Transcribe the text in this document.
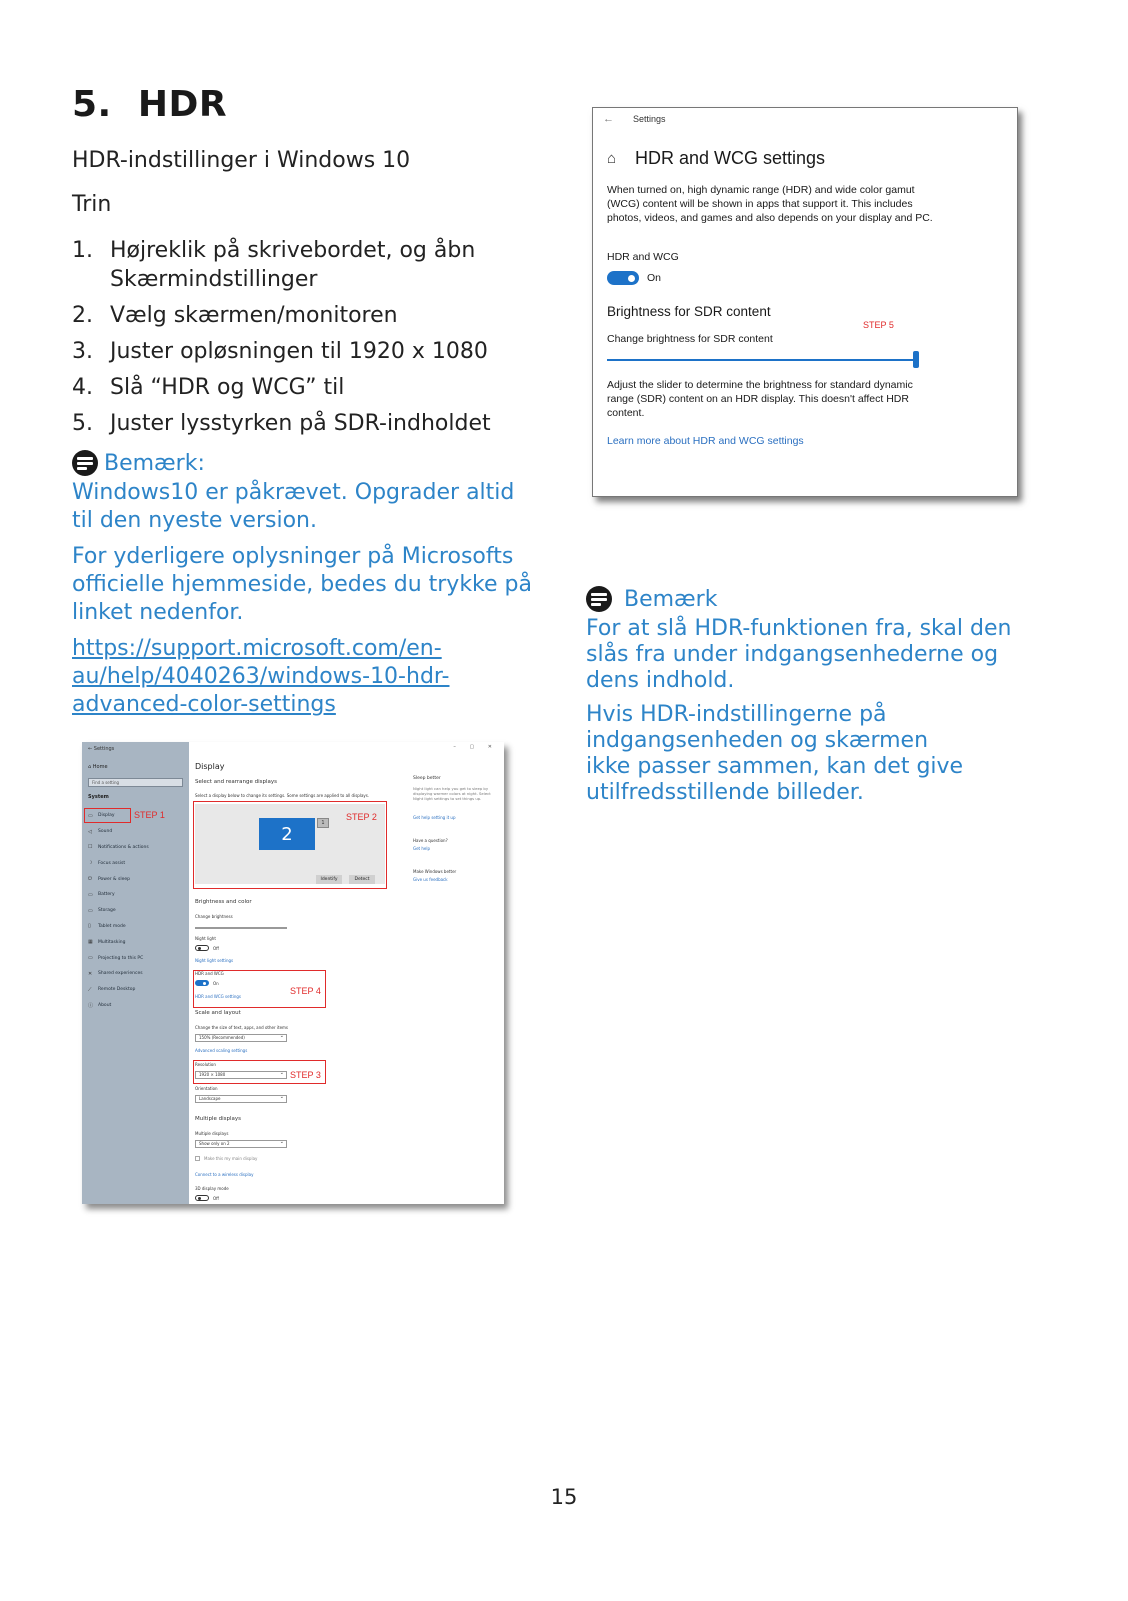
5. HDR
HDR-indstillinger i Windows 10
Trin
1. Højreklik på skrivebordet, og åbn Skærmindstillinger
2. Vælg skærmen/monitoren
3. Juster opløsningen til 1920 x 1080
4. Slå “HDR og WCG” til
5. Juster lysstyrken på SDR-indholdet
Bemærk:
Windows10 er påkrævet. Opgrader altid til den nyeste version.
For yderligere oplysninger på Microsofts officielle hjemmeside, bedes du trykke på linket nedenfor.
https://support.microsoft.com/en-
au/help/4040263/windows-10-hdr-
advanced-color-settings
← Settings
⌂ Home
Find a setting
System
▭	Display
◁	Sound
☐	Notifications & actions
☽	Focus assist
⏻	Power & sleep
▭	Battery
▭	Storage
▯	Tablet mode
▦	Multitasking
▭	Projecting to this PC
✕	Shared experiences
⟋	Remote Desktop
ⓘ	About
– ▢ ✕
Display
Select and rearrange displays
Select a display below to change its settings. Some settings are applied to all displays.
2
1
Identify	Detect
Brightness and color
Change brightness
Night light
Off
Night light settings
HDR and WCG
On
HDR and WCG settings
Scale and layout
Change the size of text, apps, and other items
150% (Recommended) ⌄
Advanced scaling settings
Resolution
1920 × 1080 ⌄
Orientation
Landscape ⌄
Multiple displays
Multiple displays
Show only on 2 ⌄
Make this my main display
Connect to a wireless display
3D display mode
Off
Sleep better
Night light can help you get to sleep by displaying warmer colors at night. Select Night light settings to set things up.
Get help setting it up
Have a question?
Get help
Make Windows better
Give us feedback
STEP 1	STEP 2
STEP 4
STEP 3
← Settings
⌂ HDR and WCG settings
When turned on, high dynamic range (HDR) and wide color gamut (WCG) content will be shown in apps that support it. This includes photos, videos, and games and also depends on your display and PC.
HDR and WCG
On
Brightness for SDR content
STEP 5
Change brightness for SDR content
Adjust the slider to determine the brightness for standard dynamic range (SDR) content on an HDR display. This doesn't affect HDR content.
Learn more about HDR and WCG settings
Bemærk
For at slå HDR-funktionen fra, skal den slås fra under indgangsenhederne og dens indhold.
Hvis HDR-indstillingerne på
indgangsenheden og skærmen
ikke passer sammen, kan det give
utilfredsstillende billeder.
15
